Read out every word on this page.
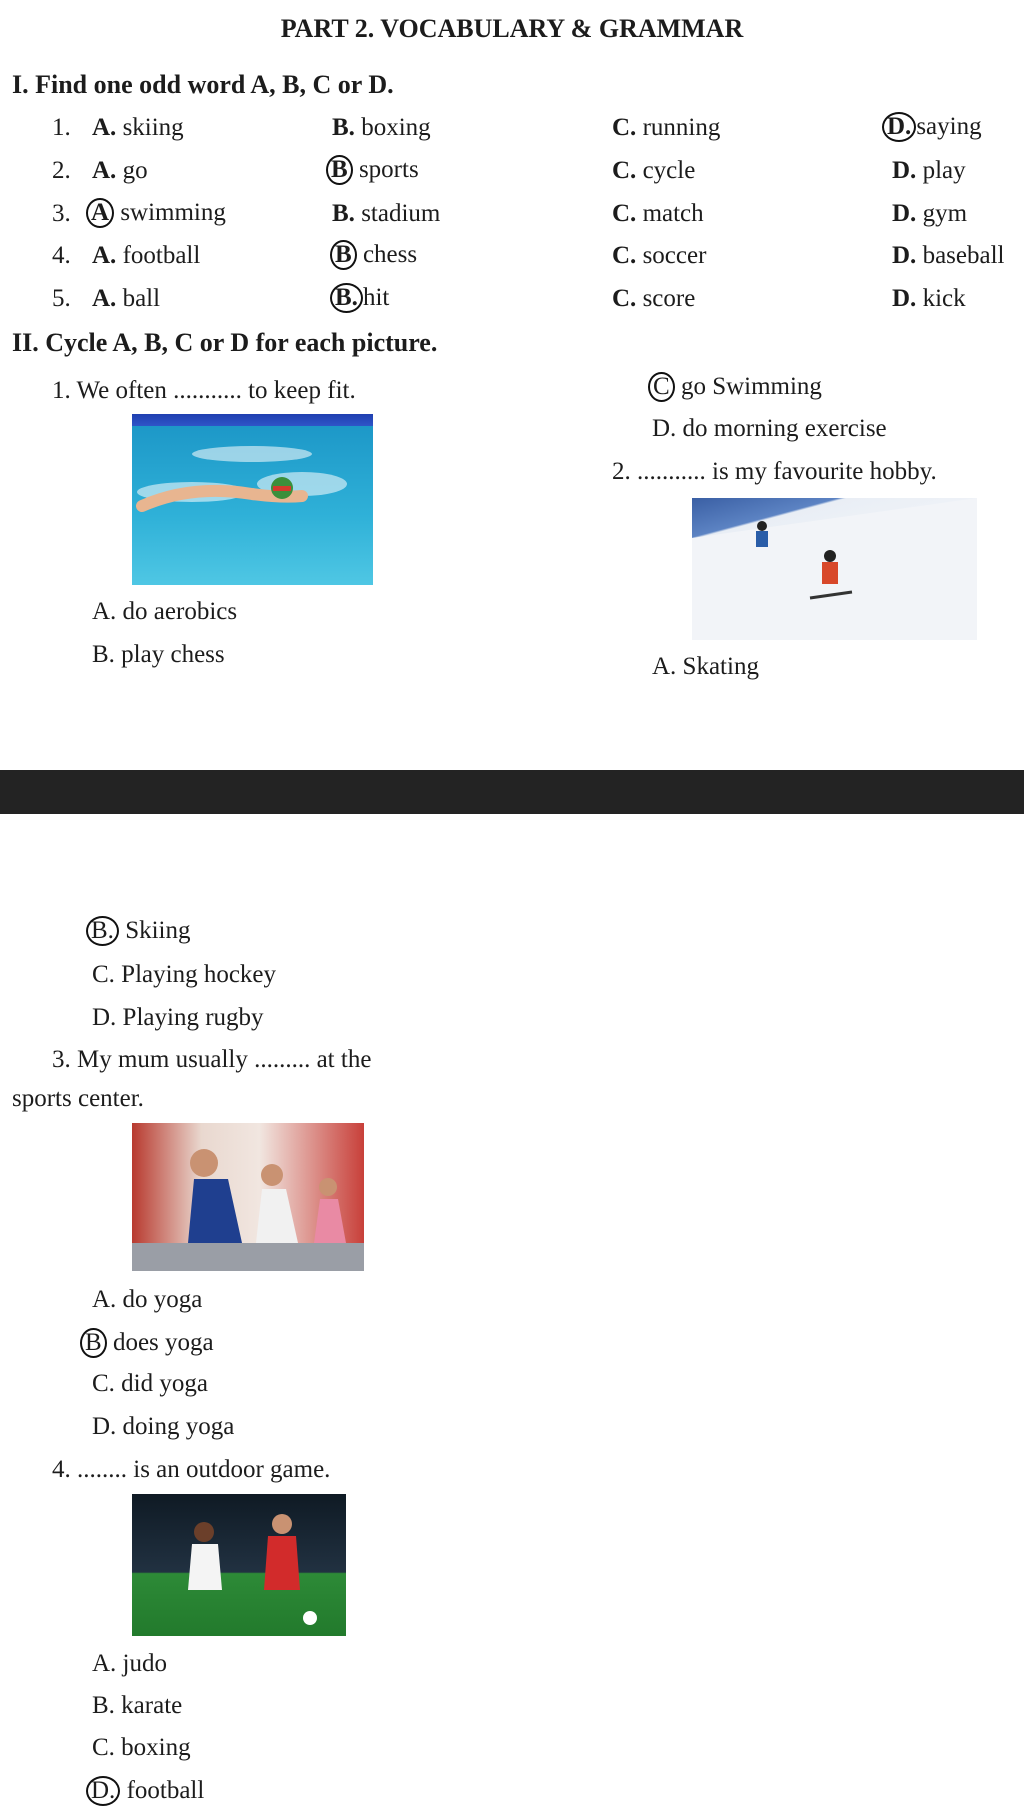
PART 2. VOCABULARY & GRAMMAR
I. Find one odd word A, B, C or D.
1. A. skiing	B. boxing	C. running	D. saying
2. A. go	B sports	C. cycle	D. play
3. A swimming	B. stadium	C. match	D. gym
4. A. football	B chess	C. soccer	D. baseball
5. A. ball	B. hit	C. score	D. kick
II. Cycle A, B, C or D for each picture.
1. We often ........... to keep fit.
A. do aerobics
B. play chess
C go Swimming
D. do morning exercise
2. ........... is my favourite hobby.
A. Skating
B. Skiing
C. Playing hockey
D. Playing rugby
3. My mum usually ......... at the
sports center.
A. do yoga
B does yoga
C. did yoga
D. doing yoga
4. ........ is an outdoor game.
A. judo
B. karate
C. boxing
D. football
